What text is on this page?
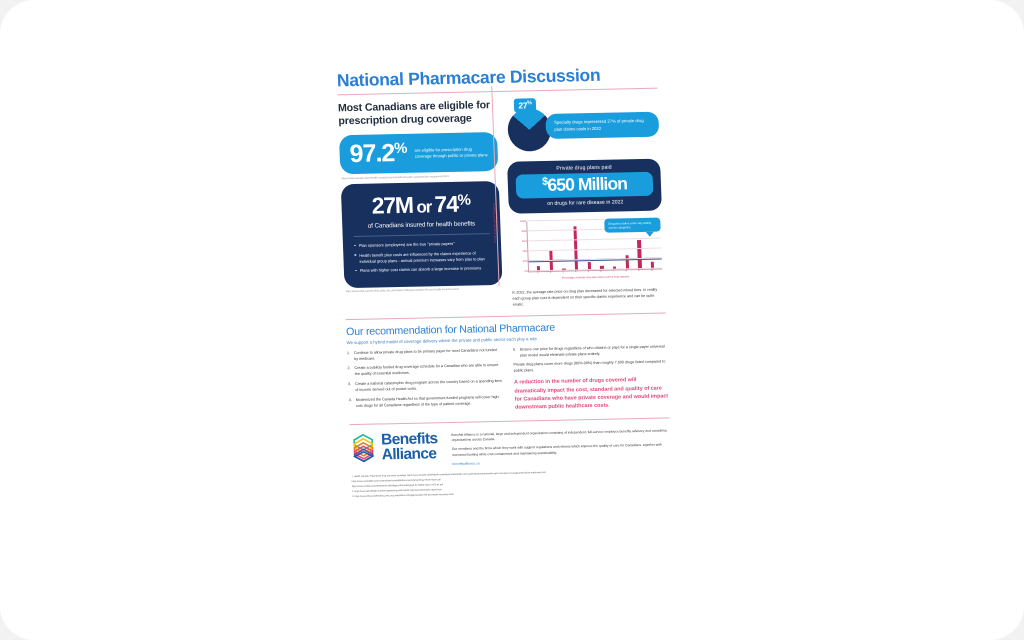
National Pharmacare Discussion
Most Canadians are eligible for prescription drug coverage
97.2% are eligible for prescription drug coverage through public or private plans
https://www.canada.ca/en/health-canada/corporate/about-health-canada/public-engagement.html
27M or 74%
of Canadians insured for health benefits
Plan sponsors (employers) are the true "private payers"
Health benefit plan costs are influenced by the claims experience of individual group plans - annual premium increases vary from plan to plan
Plans with higher cost claims can absorb a large increase in premiums
https://www.clhia.ca/web/clhia_lp4w_lnd_webstation.nsf/page/canadian-life-and-health-insurance-facts
27%
Specialty drugs represented 27% of private drug plan claims costs in 2022
Private drug plans paid
$650 Million
on drugs for rare disease in 2022
Private drug plan spend change by claims category
0%
20%
40%
60%
80%
100%
1	2	3	4	5	6	7	8	9	10
Percentage of private drug plan claims cost by drug category
Drug plan claims costs vary widely across categories
In 2022, the average rate price on drug plan decreased for selected mixed tiers. In reality each group plan cost is dependent on their specific claims experience and can be quite erratic.
Our recommendation for National Pharmacare
We support a hybrid model of coverage delivery where the private and public sector each play a role
1. Continue to allow private drug plans to be primary payer for most Canadians not funded by medicare.
2. Create a publicly funded drug coverage schedule for a Canadian who are able to ensure the quality of essential medicines.
3. Create a national catastrophic drug program across the country based on a spending item of income derived out of pocket costs.
4. Modernized the Canada Health Act so that government funded programs will cover high-cost drugs for all Canadians regardless of the type of patient coverage.
5. Ensure one price for drugs regardless of who obtains or pays for a single payer universal plan model would eliminate private plans entirely.
Private drug plans cover more drugs (80%-90%) than roughly 7,500 drugs listed compared to public plans.
A reduction in the number of drugs covered will dramatically impact the cost, standard and quality of care for Canadians who have private coverage and would impact downstream public healthcare costs.
Benefits
Alliance

Benefits Alliance is a national, large and independent organization consisting of independent, full-service employee benefits advisory and consulting organizations across Canada.

Our members and the firms which they work with support regulations and reforms which improve the quality of care for Canadians, together with increased funding while cost containment and maintaining sustainability.

benefitsalliance.ca
1. Health Canada. Prescription drug insurance coverage. https://www.canada.ca/en/health-canada/services/health-care-system/pharmaceuticals/access-insurance-coverage-prescription-medicines.html
https://www.canadalife.com/content/dam/canadalife/documents/group/drug-trends-report.pdf
https://www.sunlife.ca/content/dam/sunlife/legacy/docs/designed-for-health-report-2023-en.pdf
2. https://www.telushealth.com/en/insights/drug-data-trends-national-benchmarks-report.html
3. https://www.clhia.ca/web/clhia_lp4w_lnd_webstation.nsf/page/canadian-life-and-health-insurance-facts
